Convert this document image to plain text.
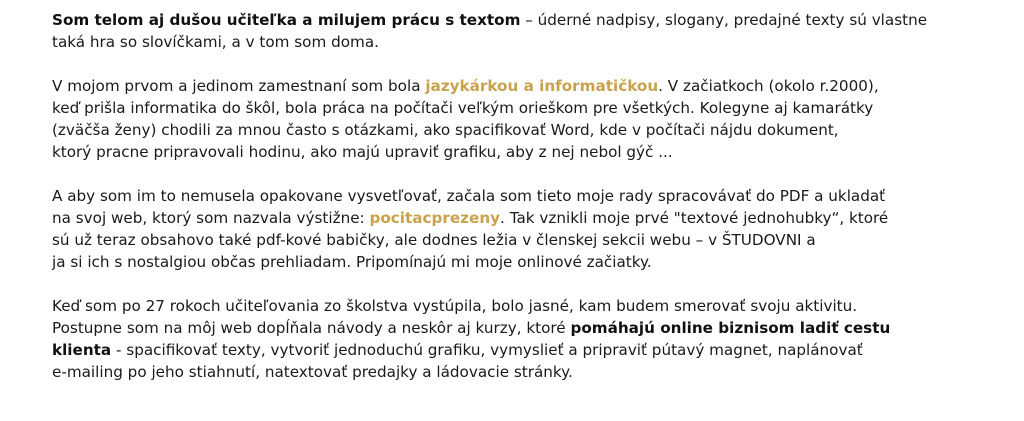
Som telom aj dušou učiteľka a milujem prácu s textom – úderné nadpisy, slogany, predajné texty sú vlastne
taká hra so slovíčkami, a v tom som doma.

V mojom prvom a jedinom zamestnaní som bola jazykárkou a informatičkou. V začiatkoch (okolo r.2000),
keď prišla informatika do škôl, bola práca na počítači veľkým orieškom pre všetkých. Kolegyne aj kamarátky
(zväčša ženy) chodili za mnou často s otázkami, ako spacifikovať Word, kde v počítači nájdu dokument,
ktorý pracne pripravovali hodinu, ako majú upraviť grafiku, aby z nej nebol gýč ...

A aby som im to nemusela opakovane vysvetľovať, začala som tieto moje rady spracovávať do PDF a ukladať
na svoj web, ktorý som nazvala výstižne: pocitacprezeny. Tak vznikli moje prvé "textové jednohubky“, ktoré
sú už teraz obsahovo také pdf-kové babičky, ale dodnes ležia v členskej sekcii webu – v ŠTUDOVNI a
ja si ich s nostalgiou občas prehliadam. Pripomínajú mi moje onlinové začiatky.

Keď som po 27 rokoch učiteľovania zo školstva vystúpila, bolo jasné, kam budem smerovať svoju aktivitu.
Postupne som na môj web dopĺňala návody a neskôr aj kurzy, ktoré pomáhajú online biznisom ladiť cestu
klienta - spacifikovať texty, vytvoriť jednoduchú grafiku, vymyslieť a pripraviť pútavý magnet, naplánovať
e-mailing po jeho stiahnutí, natextovať predajky a ládovacie stránky.
